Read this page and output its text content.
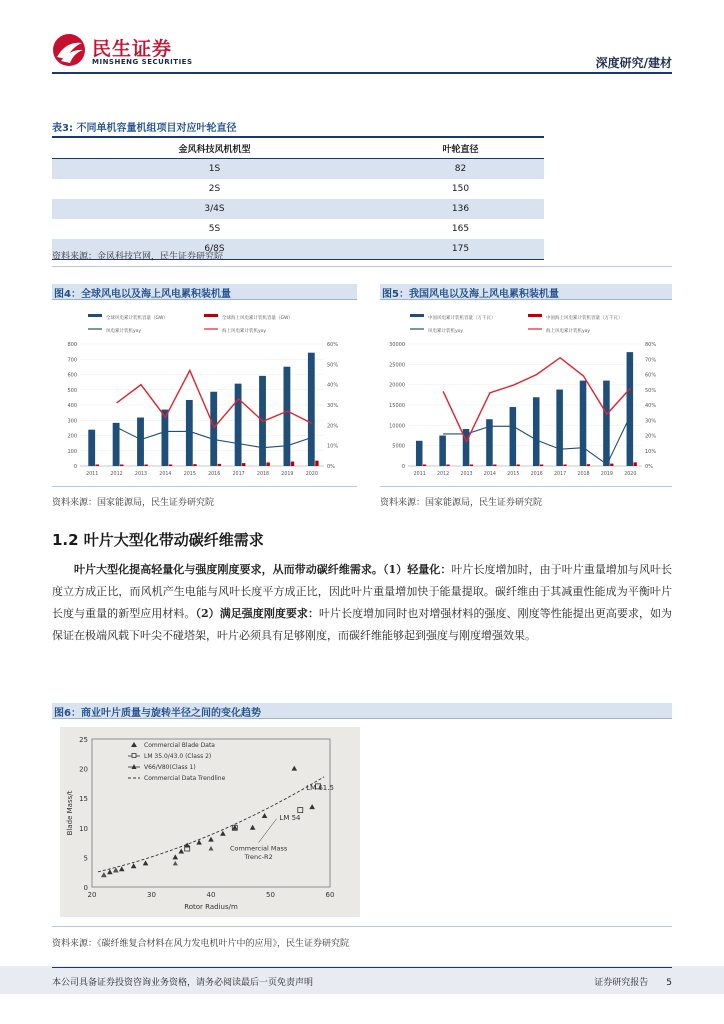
民生证券
MINSHENG SECURITIES	深度研究/建材
表3: 不同单机容量机组项目对应叶轮直径
金风科技风机机型	叶轮直径
1S	82
2S	150
3/4S	136
5S	165
6/8S	175
资料来源：金风科技官网，民生证券研究院
图4：全球风电以及海上风电累积装机量	图5：我国风电以及海上风电累积装机量
全球风电累计装机容量（GW）	全球海上风电累计装机容量（GW）
风电累计装机yoy	海上风电累计装机yoy
0
100
200
300
400
500
600
700
800
0%
10%
20%
30%
40%
50%
60%
2011	2012	2013	2014	2015	2016	2017	2018	2019	2020
中国风电累计装机容量（万千瓦）	中国海上风电累计装机容量（万千瓦）
风电累计装机yoy	海上风电累计装机yoy
0
5000
10000
15000
20000
25000
30000
0%
10%
20%
30%
40%
50%
60%
70%
80%
2011 2012 2013 2014 2015 2016 2017 2018 2019 2020
资料来源：国家能源局，民生证券研究院	资料来源：国家能源局，民生证券研究院
1.2 叶片大型化带动碳纤维需求

叶片大型化提高轻量化与强度刚度要求，从而带动碳纤维需求。（1）轻量化：叶片长度增加时，由于叶片重量增加与风叶长度立方成正比，而风机产生电能与风叶长度平方成正比，因此叶片重量增加快于能量提取。碳纤维由于其减重性能成为平衡叶片长度与重量的新型应用材料。（2）满足强度刚度要求：叶片长度增加同时也对增强材料的强度、刚度等性能提出更高要求，如为保证在极端风载下叶尖不碰塔架，叶片必须具有足够刚度，而碳纤维能够起到强度与刚度增强效果。

图6：商业叶片质量与旋转半径之间的变化趋势
0
5
10
15
20
25
20	30	40	50	60
Rotor Radius/m
Blade Mass/t
Commercial Blade Data
LM 35.0/43.0 (Class 2)
V66/V80(Class 1)
Commercial Data Trendline
LM 61.5
LM 54
Commercial Mass
Trenc-R2
资料来源：《碳纤维复合材料在风力发电机叶片中的应用》，民生证券研究院
本公司具备证券投资咨询业务资格，请务必阅读最后一页免责声明	证券研究报告 5
